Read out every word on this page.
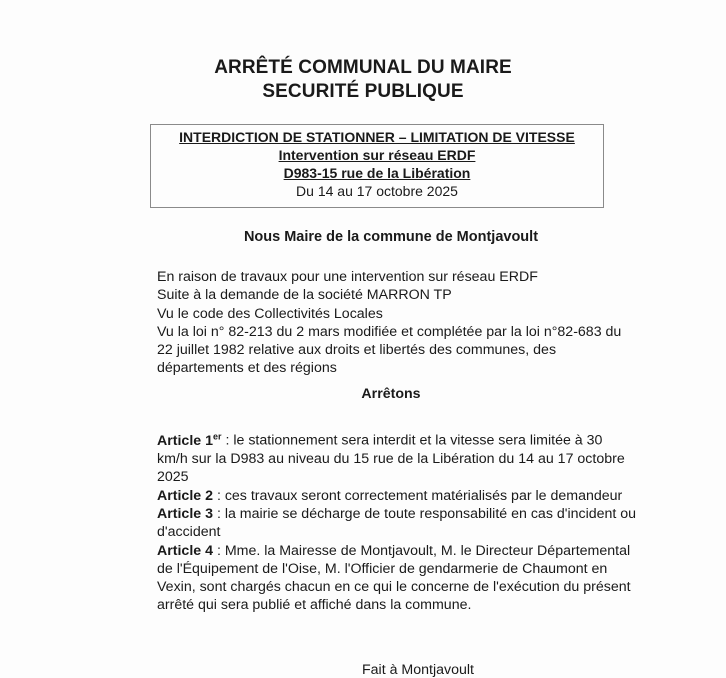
ARRÊTÉ COMMUNAL DU MAIRE
SECURITÉ PUBLIQUE
INTERDICTION DE STATIONNER – LIMITATION DE VITESSE
Intervention sur réseau ERDF
D983-15 rue de la Libération
Du 14 au 17 octobre 2025
Nous Maire de la commune de Montjavoult
En raison de travaux pour une intervention sur réseau ERDF
Suite à la demande de la société MARRON TP
Vu le code des Collectivités Locales
Vu la loi n° 82-213 du 2 mars modifiée et complétée par la loi n°82-683 du
22 juillet 1982 relative aux droits et libertés des communes, des
départements et des régions
Arrêtons

Article 1er : le stationnement sera interdit et la vitesse sera limitée à 30 km/h sur la D983 au niveau du 15 rue de la Libération du 14 au 17 octobre 2025

Article 2 : ces travaux seront correctement matérialisés par le demandeur

Article 3 : la mairie se décharge de toute responsabilité en cas d'incident ou d'accident

Article 4 : Mme. la Mairesse de Montjavoult, M. le Directeur Départemental de l'Équipement de l'Oise, M. l'Officier de gendarmerie de Chaumont en Vexin, sont chargés chacun en ce qui le concerne de l'exécution du présent arrêté qui sera publié et affiché dans la commune.

Fait à Montjavoult
